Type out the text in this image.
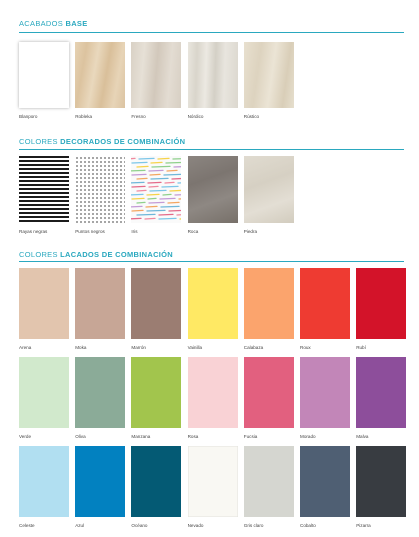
ACABADOS BASE
Blanporo	Robleka	Fresno	Nórdico	Rústico
COLORES DECORADOS DE COMBINACIÓN
Rayas negras	Puntos negros	Iris	Roca	Piedra
COLORES LACADOS DE COMBINACIÓN
Arena	Moka	Marrón	Vainilla	Calabaza	Roux	Rubí
Verde	Oliva	Manzana	Rosa	Fucsia	Morado	Malva
Celeste	Azul	Océano	Nevado	Gris claro	Cobalto	Pizarra
